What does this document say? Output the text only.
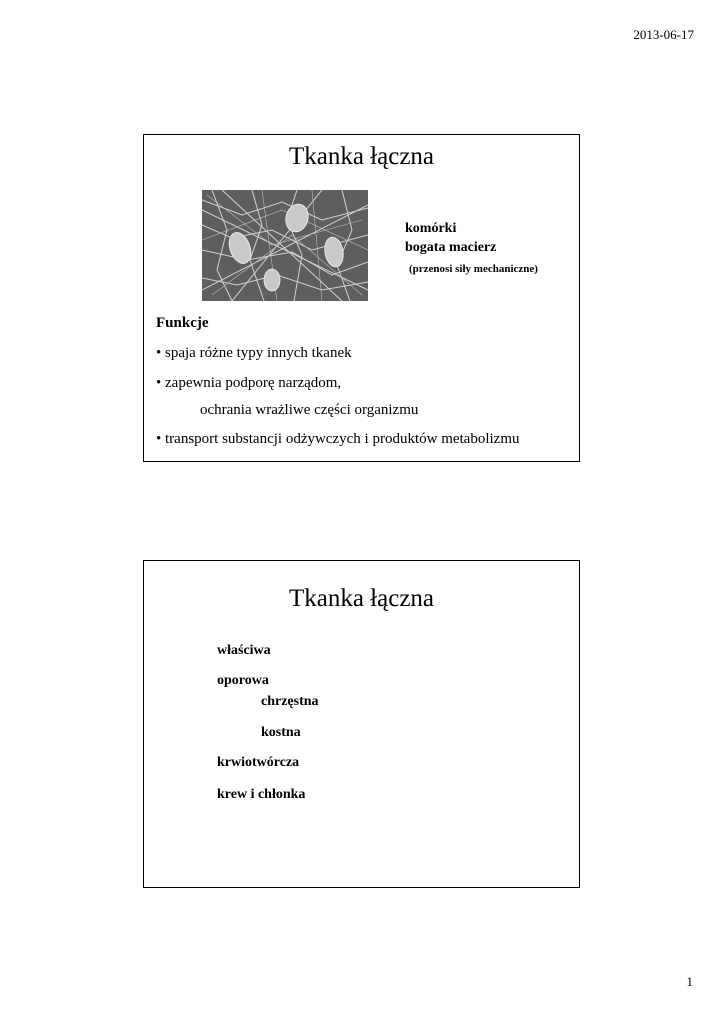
2013-06-17
Tkanka łączna
komórki
bogata macierz
(przenosi siły mechaniczne)
Funkcje
• spaja różne typy innych tkanek
• zapewnia podporę narządom,
ochrania wrażliwe części organizmu
• transport substancji odżywczych i produktów metabolizmu
Tkanka łączna
właściwa
oporowa
chrzęstna
kostna
krwiotwórcza
krew i chłonka
1
